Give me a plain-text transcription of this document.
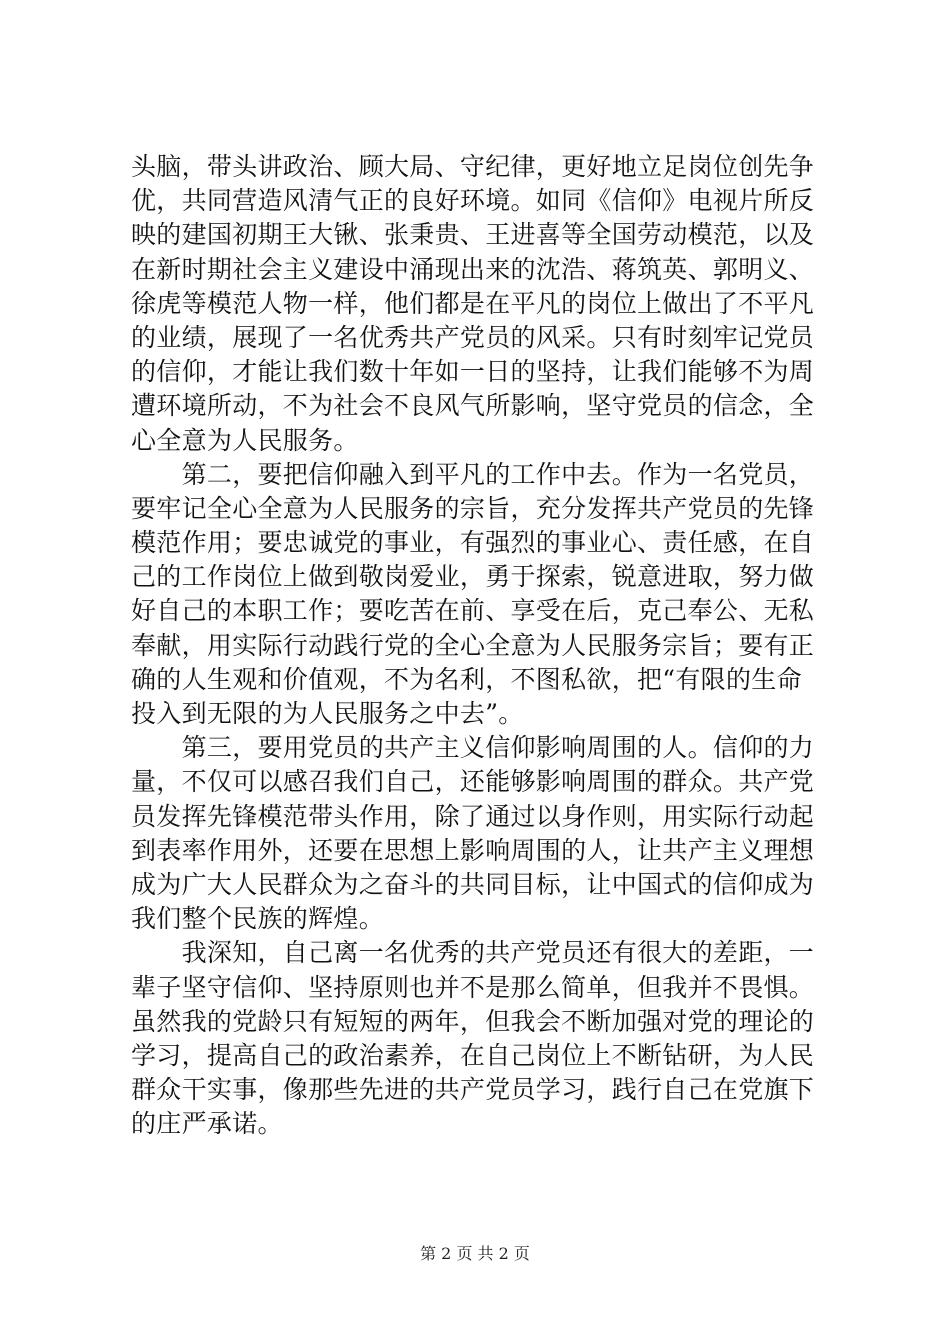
头脑，带头讲政治、顾大局、守纪律，更好地立足岗位创先争
优，共同营造风清气正的良好环境。如同《信仰》电视片所反
映的建国初期王大锹、张秉贵、王进喜等全国劳动模范，以及
在新时期社会主义建设中涌现出来的沈浩、蒋筑英、郭明义、
徐虎等模范人物一样，他们都是在平凡的岗位上做出了不平凡
的业绩，展现了一名优秀共产党员的风采。只有时刻牢记党员
的信仰，才能让我们数十年如一日的坚持，让我们能够不为周
遭环境所动，不为社会不良风气所影响，坚守党员的信念，全
心全意为人民服务。
　　第二，要把信仰融入到平凡的工作中去。作为一名党员，
要牢记全心全意为人民服务的宗旨，充分发挥共产党员的先锋
模范作用；要忠诚党的事业，有强烈的事业心、责任感，在自
己的工作岗位上做到敬岗爱业，勇于探索，锐意进取，努力做
好自己的本职工作；要吃苦在前、享受在后，克己奉公、无私
奉献，用实际行动践行党的全心全意为人民服务宗旨；要有正
确的人生观和价值观，不为名利，不图私欲，把“有限的生命
投入到无限的为人民服务之中去”。
　　第三，要用党员的共产主义信仰影响周围的人。信仰的力
量，不仅可以感召我们自己，还能够影响周围的群众。共产党
员发挥先锋模范带头作用，除了通过以身作则，用实际行动起
到表率作用外，还要在思想上影响周围的人，让共产主义理想
成为广大人民群众为之奋斗的共同目标，让中国式的信仰成为
我们整个民族的辉煌。
　　我深知，自己离一名优秀的共产党员还有很大的差距，一
辈子坚守信仰、坚持原则也并不是那么简单，但我并不畏惧。
虽然我的党龄只有短短的两年，但我会不断加强对党的理论的
学习，提高自己的政治素养，在自己岗位上不断钻研，为人民
群众干实事，像那些先进的共产党员学习，践行自己在党旗下
的庄严承诺。
第 2 页 共 2 页
